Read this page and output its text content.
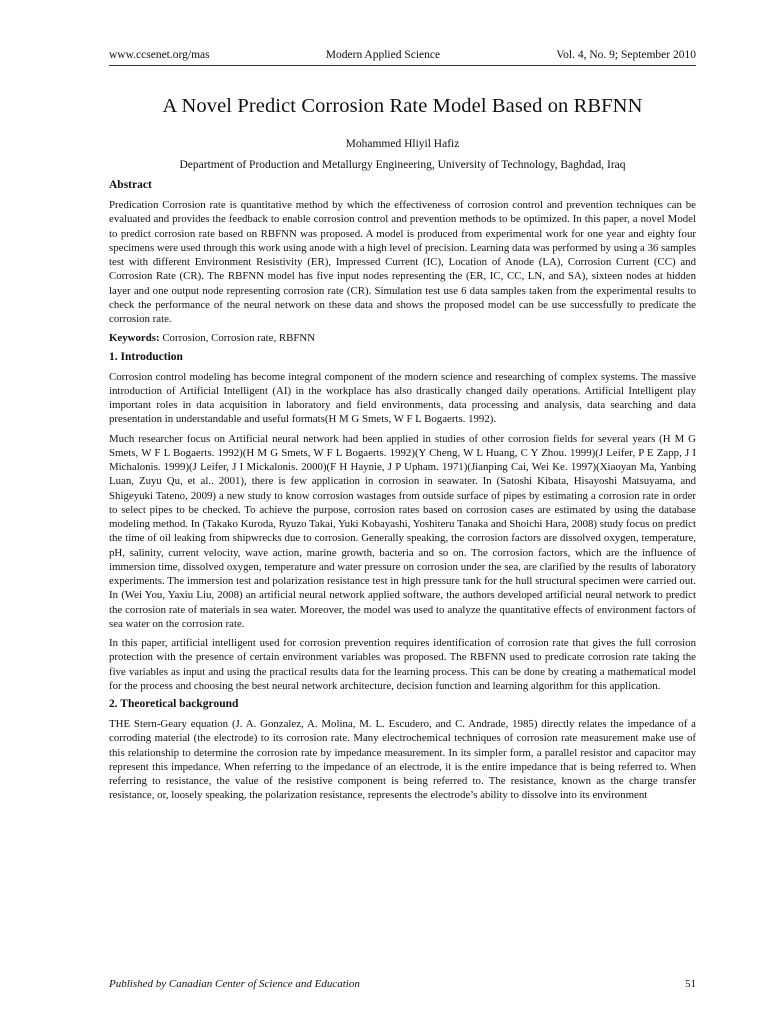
www.ccsenet.org/mas	Modern Applied Science	Vol. 4, No. 9; September 2010
A Novel Predict Corrosion Rate Model Based on RBFNN
Mohammed Hliyil Hafiz
Department of Production and Metallurgy Engineering, University of Technology, Baghdad, Iraq
Abstract

Predication Corrosion rate is quantitative method by which the effectiveness of corrosion control and prevention techniques can be evaluated and provides the feedback to enable corrosion control and prevention methods to be optimized. In this paper, a novel Model to predict corrosion rate based on RBFNN was proposed. A model is produced from experimental work for one year and eighty four specimens were used through this work using anode with a high level of precision. Learning data was performed by using a 36 samples test with different Environment Resistivity (ER), Impressed Current (IC), Location of Anode (LA), Corrosion Current (CC) and Corrosion Rate (CR). The RBFNN model has five input nodes representing the (ER, IC, CC, LN, and SA), sixteen nodes at hidden layer and one output node representing corrosion rate (CR). Simulation test use 6 data samples taken from the experimental results to check the performance of the neural network on these data and shows the proposed model can be use successfully to predicate the corrosion rate.

Keywords: Corrosion, Corrosion rate, RBFNN
1. Introduction

Corrosion control modeling has become integral component of the modern science and researching of complex systems. The massive introduction of Artificial Intelligent (AI) in the workplace has also drastically changed daily operations. Artificial Intelligent play important roles in data acquisition in laboratory and field environments, data processing and analysis, data searching and data presentation in understandable and useful formats(H M G Smets, W F L Bogaerts. 1992).

Much researcher focus on Artificial neural network had been applied in studies of other corrosion fields for several years (H M G Smets, W F L Bogaerts. 1992)(H M G Smets, W F L Bogaerts. 1992)(Y Cheng, W L Huang, C Y Zhou. 1999)(J Leifer, P E Zapp, J I Michalonis. 1999)(J Leifer, J I Mickalonis. 2000)(F H Haynie, J P Upham. 1971)(Jianping Cai, Wei Ke. 1997)(Xiaoyan Ma, Yanbing Luan, Zuyu Qu, et al.. 2001), there is few application in corrosion in seawater. In (Satoshi Kibata, Hisayoshi Matsuyama, and Shigeyuki Tateno, 2009) a new study to know corrosion wastages from outside surface of pipes by estimating a corrosion rate in order to select pipes to be checked. To achieve the purpose, corrosion rates based on corrosion cases are estimated by using the database modeling method. In (Takako Kuroda, Ryuzo Takai, Yuki Kobayashi, Yoshiteru Tanaka and Shoichi Hara, 2008) study focus on predict the time of oil leaking from shipwrecks due to corrosion. Generally speaking, the corrosion factors are dissolved oxygen, temperature, pH, salinity, current velocity, wave action, marine growth, bacteria and so on. The corrosion factors, which are the influence of immersion time, dissolved oxygen, temperature and water pressure on corrosion under the sea, are clarified by the results of laboratory experiments. The immersion test and polarization resistance test in high pressure tank for the hull structural specimen were carried out. In (Wei You, Yaxiu Liu, 2008) an artificial neural network applied software, the authors developed artificial neural network to predict the corrosion rate of materials in sea water. Moreover, the model was used to analyze the quantitative effects of environment factors of sea water on the corrosion rate.

In this paper, artificial intelligent used for corrosion prevention requires identification of corrosion rate that gives the full corrosion protection with the presence of certain environment variables was proposed. The RBFNN used to predicate corrosion rate taking the five variables as input and using the practical results data for the learning process. This can be done by creating a mathematical model for the process and choosing the best neural network architecture, decision function and learning algorithm for this application.

2. Theoretical background

THE Stern-Geary equation (J. A. Gonzalez, A. Molina, M. L. Escudero, and C. Andrade, 1985) directly relates the impedance of a corroding material (the electrode) to its corrosion rate. Many electrochemical techniques of corrosion rate measurement make use of this relationship to determine the corrosion rate by impedance measurement. In its simpler form, a parallel resistor and capacitor may represent this impedance. When referring to the impedance of an electrode, it is the entire impedance that is being referred to. When referring to resistance, the value of the resistive component is being referred to. The resistance, known as the charge transfer resistance, or, loosely speaking, the polarization resistance, represents the electrode’s ability to dissolve into its environment

Published by Canadian Center of Science and Education	51
